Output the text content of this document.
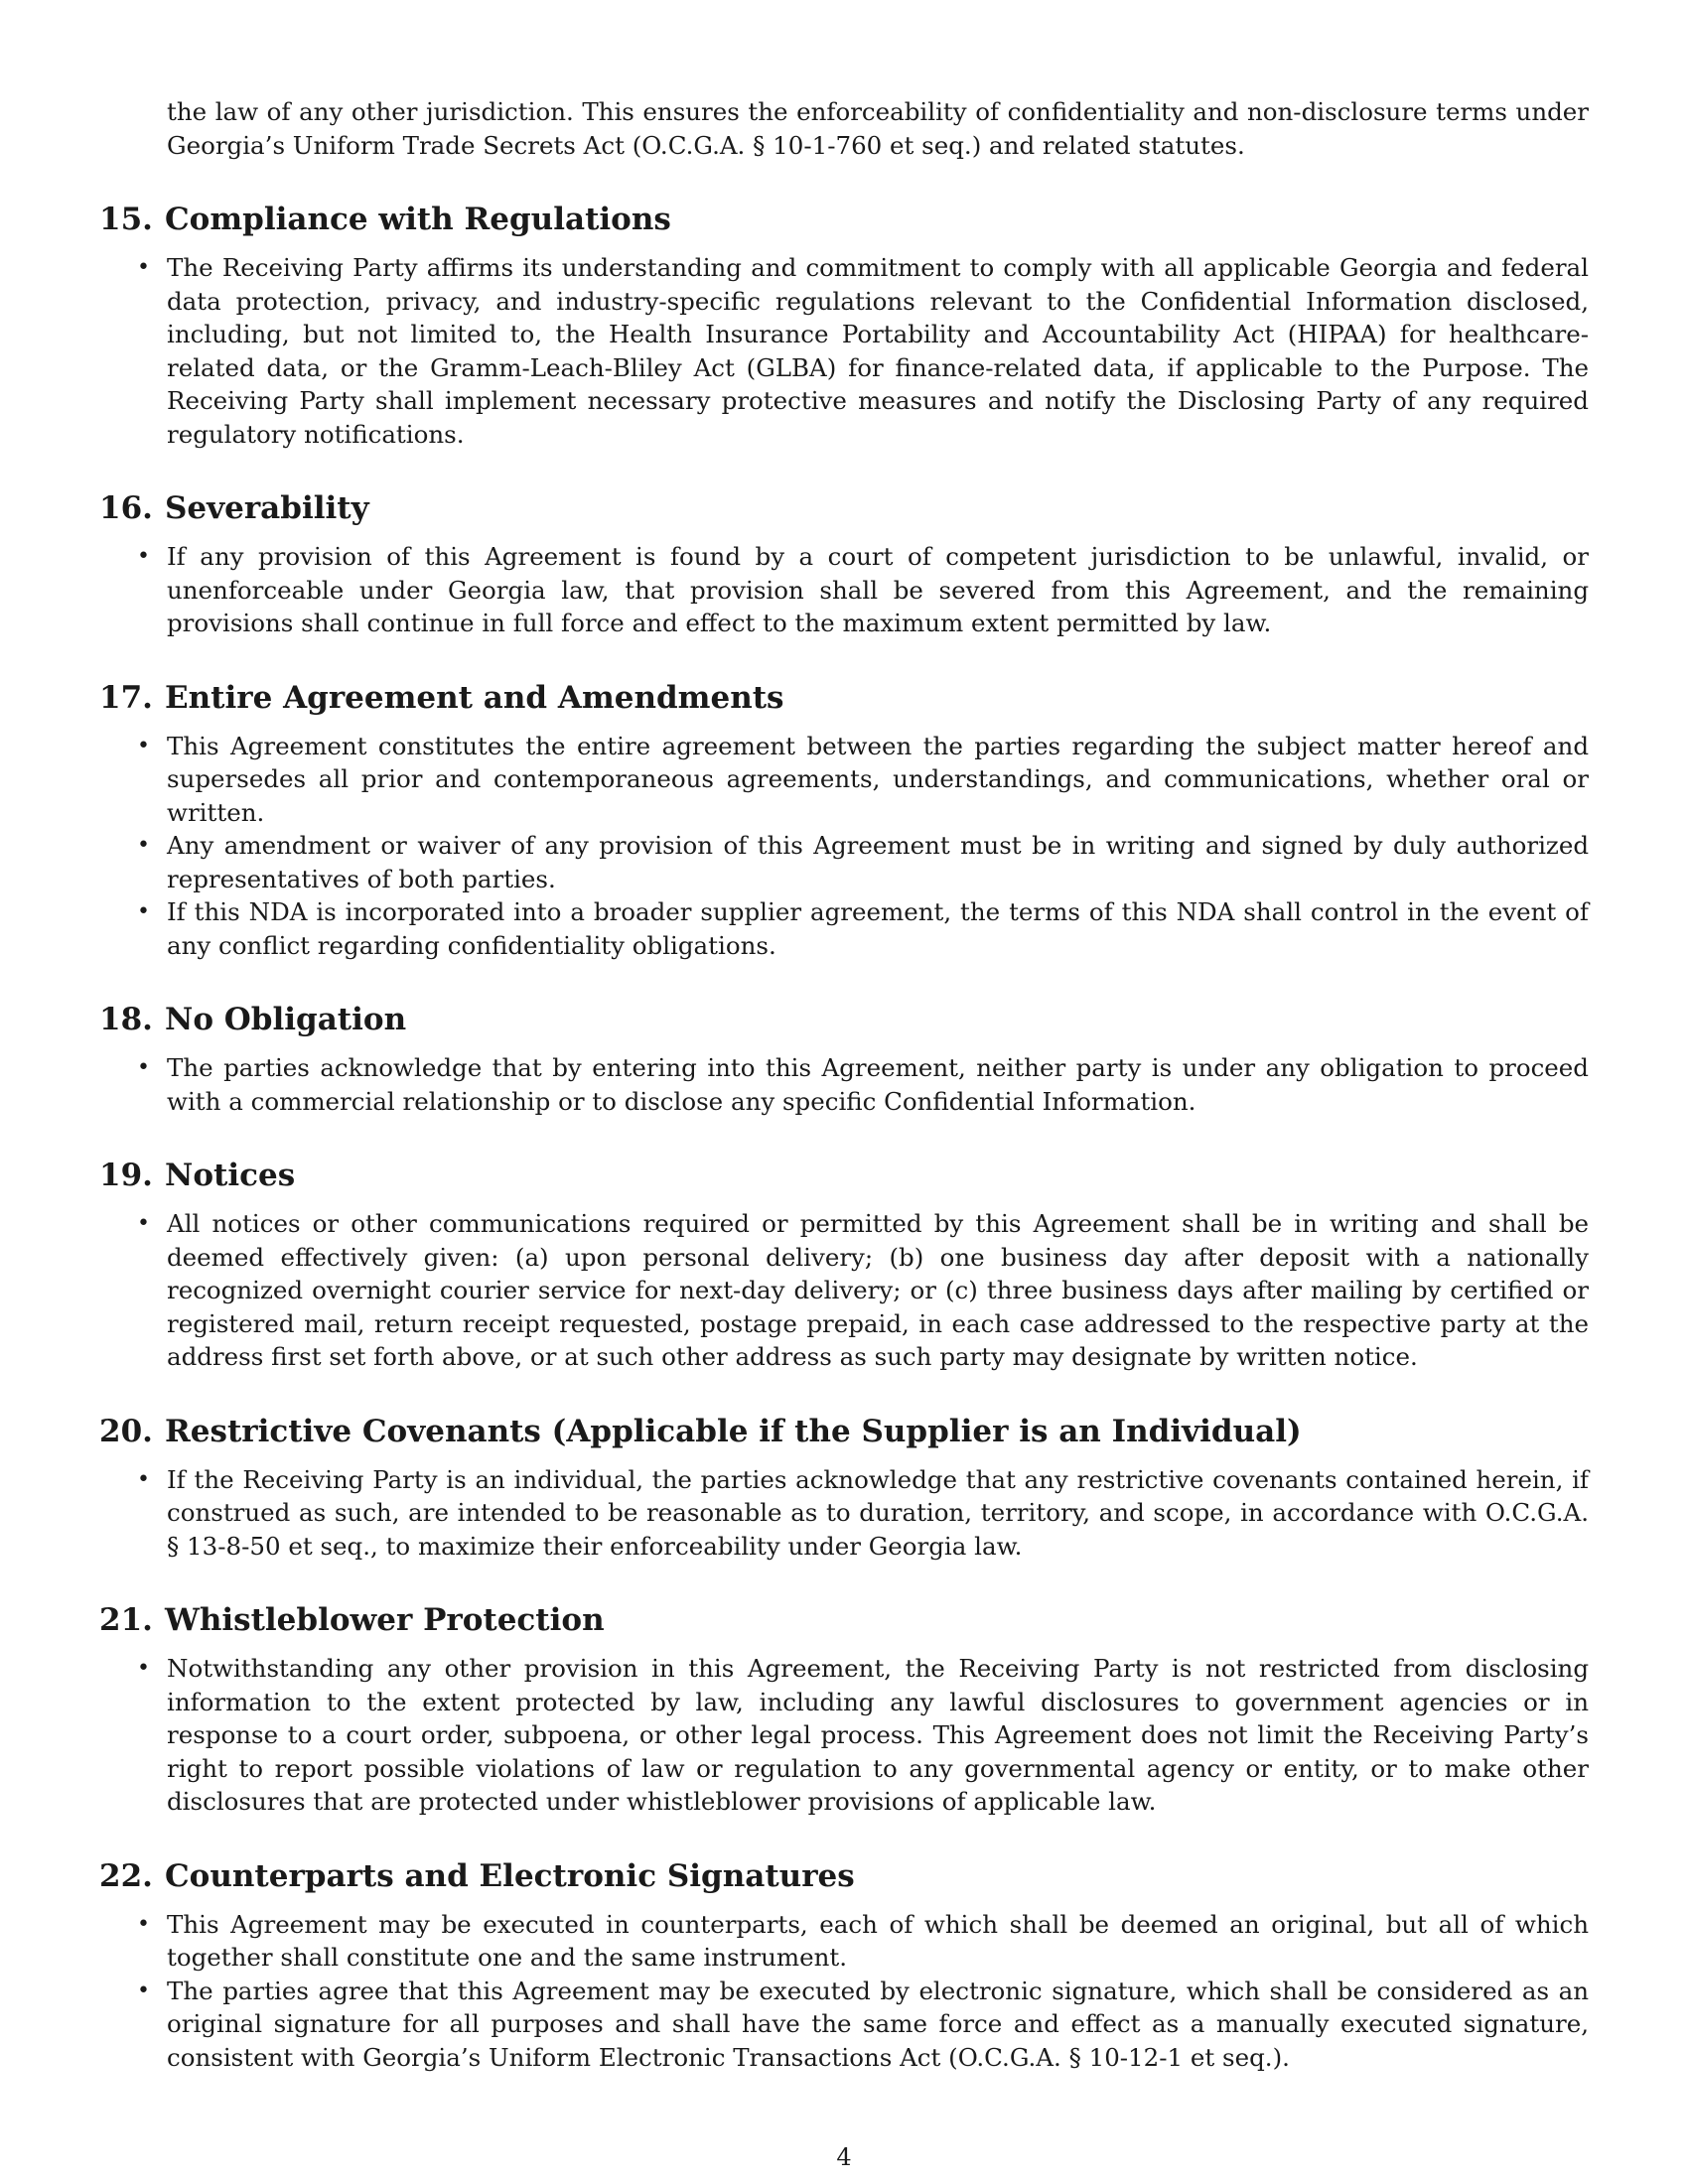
the law of any other jurisdiction. This ensures the enforceability of confidentiality and non-disclosure terms under Georgia’s Uniform Trade Secrets Act (O.C.G.A. § 10-1-760 et seq.) and related statutes.

15. Compliance with Regulations
• The Receiving Party affirms its understanding and commitment to comply with all applicable Georgia and federal data protection, privacy, and industry-specific regulations relevant to the Confidential Information disclosed, including, but not limited to, the Health Insurance Portability and Accountability Act (HIPAA) for healthcare-related data, or the Gramm-Leach-Bliley Act (GLBA) for finance-related data, if applicable to the Purpose. The Receiving Party shall implement necessary protective measures and notify the Disclosing Party of any required regulatory notifications.
16. Severability
• If any provision of this Agreement is found by a court of competent jurisdiction to be unlawful, invalid, or unenforceable under Georgia law, that provision shall be severed from this Agreement, and the remaining provisions shall continue in full force and effect to the maximum extent permitted by law.
17. Entire Agreement and Amendments
• This Agreement constitutes the entire agreement between the parties regarding the subject matter hereof and supersedes all prior and contemporaneous agreements, understandings, and communications, whether oral or written.
• Any amendment or waiver of any provision of this Agreement must be in writing and signed by duly authorized representatives of both parties.
• If this NDA is incorporated into a broader supplier agreement, the terms of this NDA shall control in the event of any conflict regarding confidentiality obligations.
18. No Obligation
• The parties acknowledge that by entering into this Agreement, neither party is under any obligation to proceed with a commercial relationship or to disclose any specific Confidential Information.
19. Notices
• All notices or other communications required or permitted by this Agreement shall be in writing and shall be deemed effectively given: (a) upon personal delivery; (b) one business day after deposit with a nationally recognized overnight courier service for next-day delivery; or (c) three business days after mailing by certified or registered mail, return receipt requested, postage prepaid, in each case addressed to the respective party at the address first set forth above, or at such other address as such party may designate by written notice.
20. Restrictive Covenants (Applicable if the Supplier is an Individual)
• If the Receiving Party is an individual, the parties acknowledge that any restrictive covenants contained herein, if construed as such, are intended to be reasonable as to duration, territory, and scope, in accordance with O.C.G.A. § 13-8-50 et seq., to maximize their enforceability under Georgia law.
21. Whistleblower Protection
• Notwithstanding any other provision in this Agreement, the Receiving Party is not restricted from disclosing information to the extent protected by law, including any lawful disclosures to government agencies or in response to a court order, subpoena, or other legal process. This Agreement does not limit the Receiving Party’s right to report possible violations of law or regulation to any governmental agency or entity, or to make other disclosures that are protected under whistleblower provisions of applicable law.
22. Counterparts and Electronic Signatures
• This Agreement may be executed in counterparts, each of which shall be deemed an original, but all of which together shall constitute one and the same instrument.
• The parties agree that this Agreement may be executed by electronic signature, which shall be considered as an original signature for all purposes and shall have the same force and effect as a manually executed signature, consistent with Georgia’s Uniform Electronic Transactions Act (O.C.G.A. § 10-12-1 et seq.).
4
